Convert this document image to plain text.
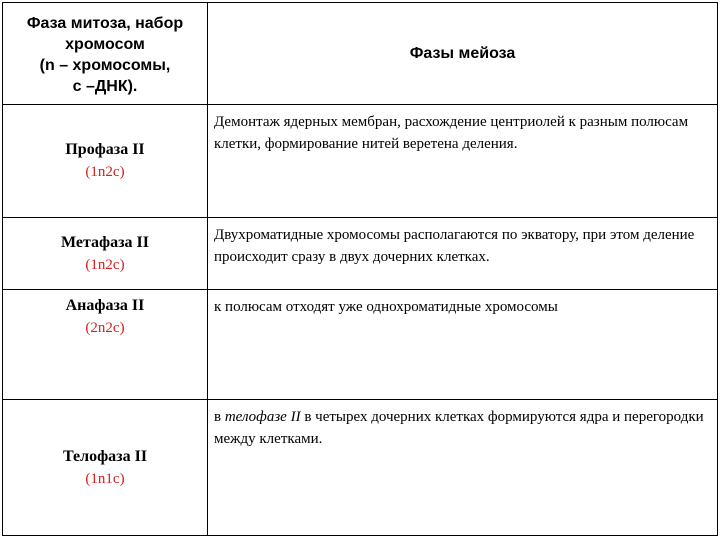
Фаза митоза, набор
хромосом
(n – хромосомы,
c –ДНК).	Фазы мейоза

Профаза II
(1n2c)	Демонтаж ядерных мембран, расхождение центриолей к разным полюсам клетки, формирование нитей веретена деления.

Метафаза II
(1n2c)	Двухроматидные хромосомы располагаются по экватору, при этом деление происходит сразу в двух дочерних клетках.

Анафаза II
(2n2c)	к полюсам отходят уже однохроматидные хромосомы

Телофаза II
(1n1c)	в телофазе II в четырех дочерних клетках формируются ядра и перегородки между клетками.
